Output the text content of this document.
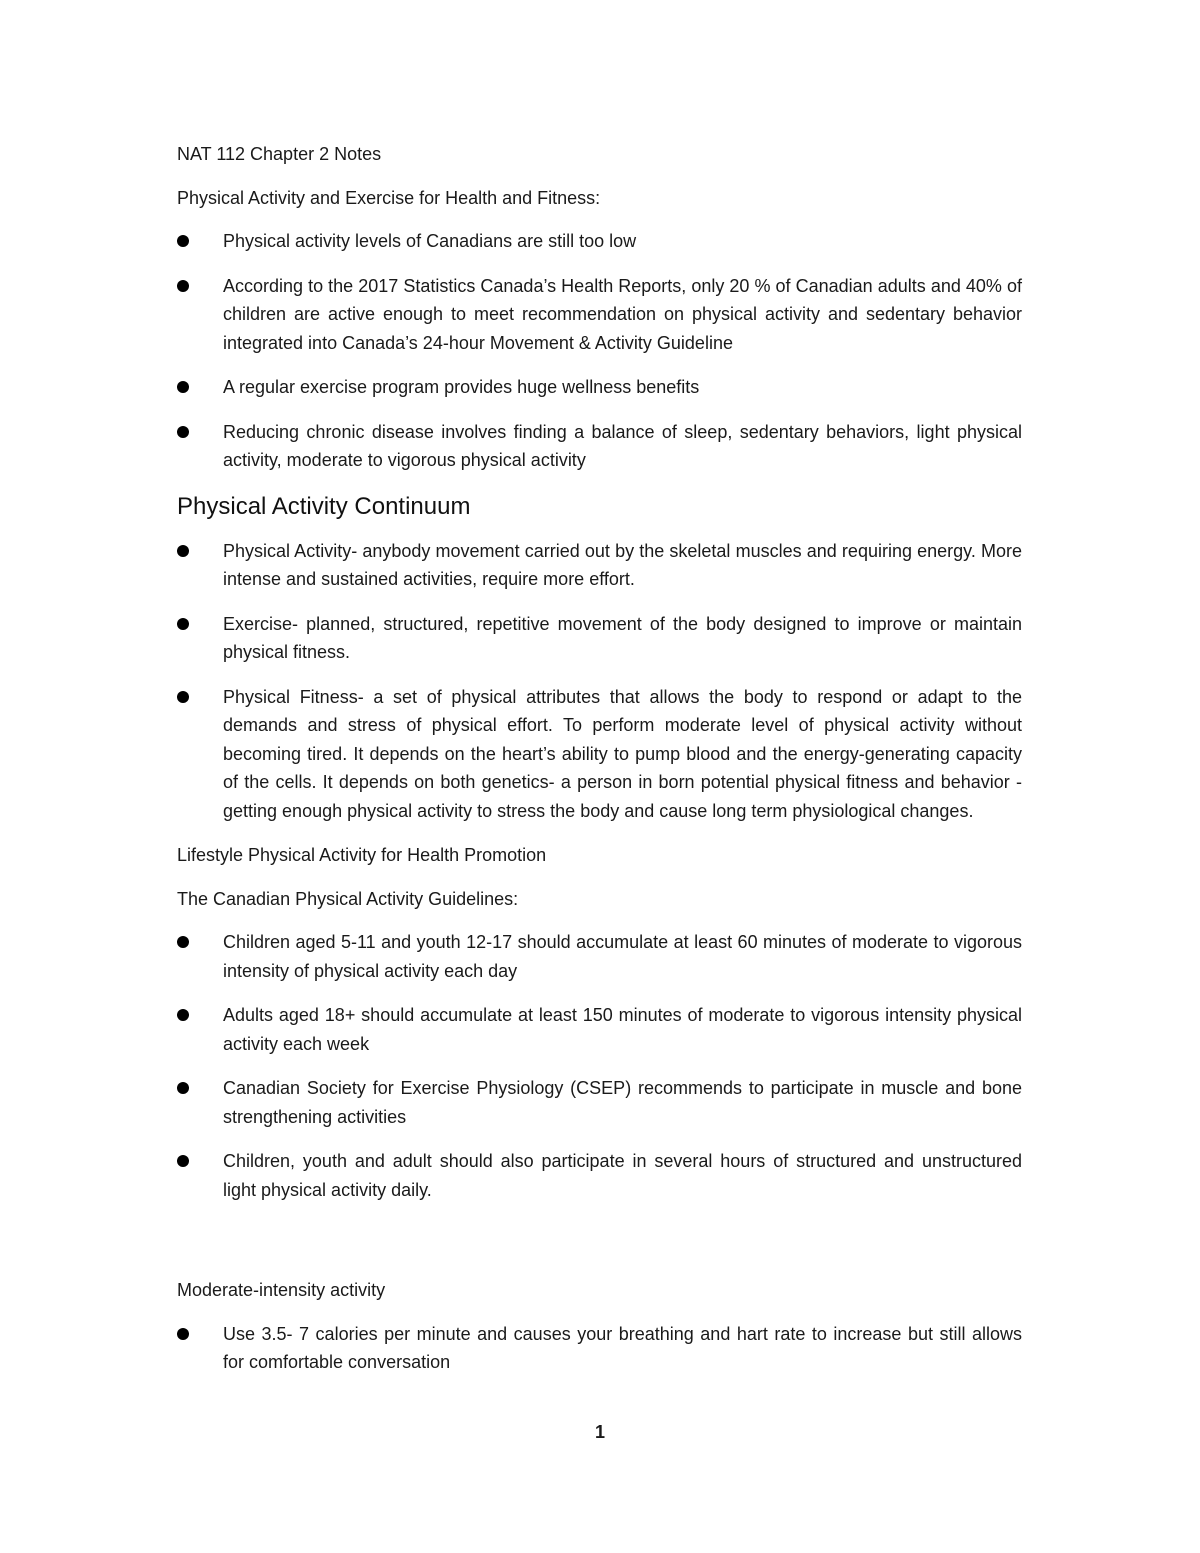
NAT 112 Chapter 2 Notes

Physical Activity and Exercise for Health and Fitness:

Physical activity levels of Canadians are still too low
According to the 2017 Statistics Canada’s Health Reports, only 20 % of Canadian adults and 40% of children are active enough to meet recommendation on physical activity and sedentary behavior integrated into Canada’s 24-hour Movement & Activity Guideline
A regular exercise program provides huge wellness benefits
Reducing chronic disease involves finding a balance of sleep, sedentary behaviors, light physical activity, moderate to vigorous physical activity

Physical Activity Continuum

Physical Activity- anybody movement carried out by the skeletal muscles and requiring energy. More intense and sustained activities, require more effort.
Exercise- planned, structured, repetitive movement of the body designed to improve or maintain physical fitness.
Physical Fitness- a set of physical attributes that allows the body to respond or adapt to the demands and stress of physical effort. To perform moderate level of physical activity without becoming tired. It depends on the heart’s ability to pump blood and the energy-generating capacity of the cells. It depends on both genetics- a person in born potential physical fitness and behavior -getting enough physical activity to stress the body and cause long term physiological changes.

Lifestyle Physical Activity for Health Promotion

The Canadian Physical Activity Guidelines:

Children aged 5-11 and youth 12-17 should accumulate at least 60 minutes of moderate to vigorous intensity of physical activity each day
Adults aged 18+ should accumulate at least 150 minutes of moderate to vigorous intensity physical activity each week
Canadian Society for Exercise Physiology (CSEP) recommends to participate in muscle and bone strengthening activities
Children, youth and adult should also participate in several hours of structured and unstructured light physical activity daily.

Moderate-intensity activity

Use 3.5- 7 calories per minute and causes your breathing and hart rate to increase but still allows for comfortable conversation
1
